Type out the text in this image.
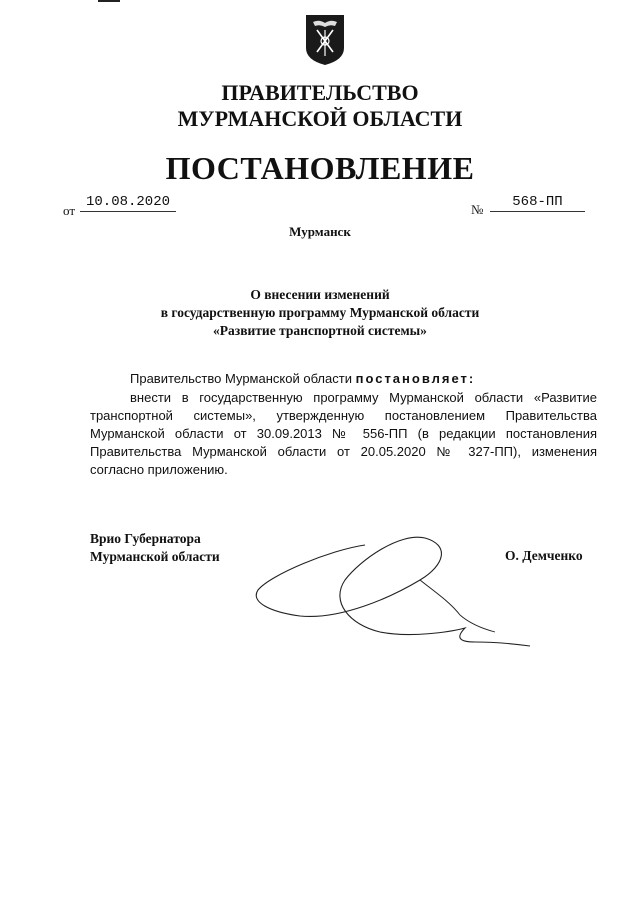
ПРАВИТЕЛЬСТВО
МУРМАНСКОЙ ОБЛАСТИ
ПОСТАНОВЛЕНИЕ
от
10.08.2020	№	568-ПП
Мурманск
О внесении изменений
в государственную программу Мурманской области
«Развитие транспортной системы»
Правительство Мурманской области постановляет:
внести в государственную программу Мурманской области «Развитие транспортной системы», утвержденную постановлением Правительства Мурманской области от 30.09.2013 № 556-ПП (в редакции постановления Правительства Мурманской области от 20.05.2020 № 327-ПП), изменения согласно приложению.
Врио Губернатора
Мурманской области	О. Демченко
